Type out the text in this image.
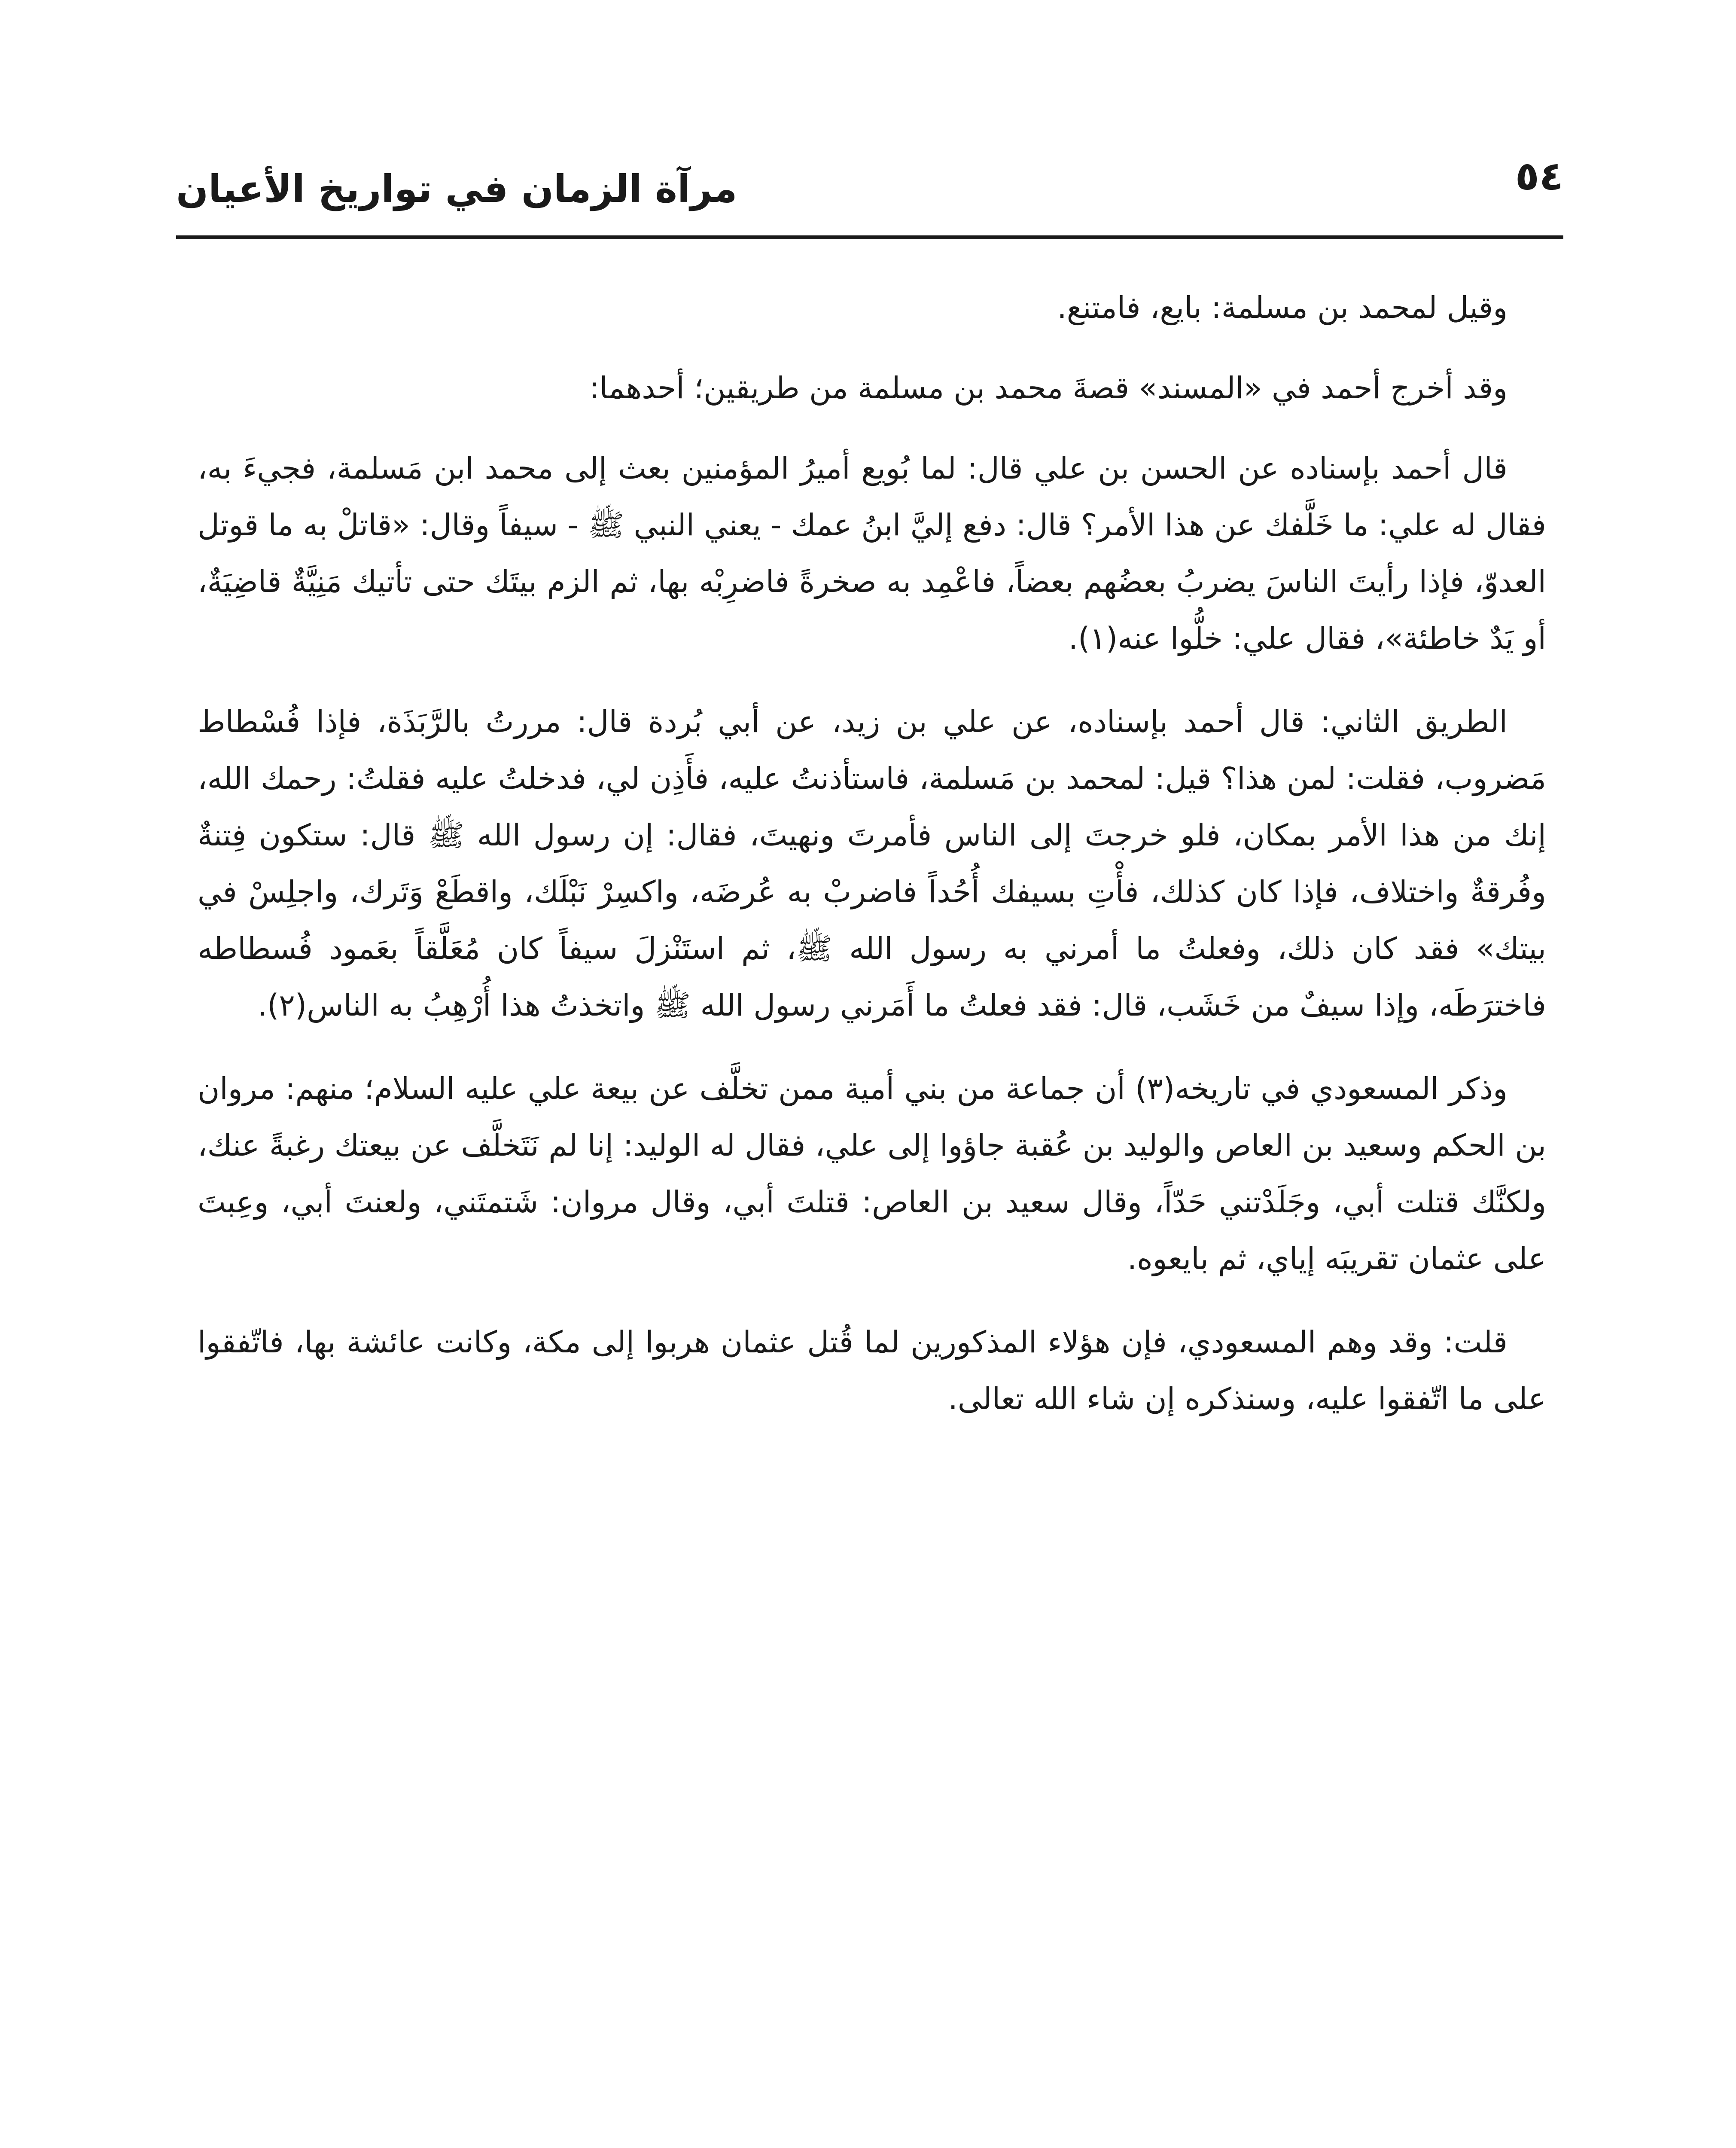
٥٤
مرآة الزمان في تواريخ الأعيان

وقيل لمحمد بن مسلمة: بايع، فامتنع.

وقد أخرج أحمد في «المسند» قصةَ محمد بن مسلمة من طريقين؛ أحدهما:

قال أحمد بإسناده عن الحسن بن علي قال: لما بُويع أميرُ المؤمنين بعث إلى محمد ابن مَسلمة، فجيءَ به، فقال له علي: ما خَلَّفك عن هذا الأمر؟ قال: دفع إليَّ ابنُ عمك - يعني النبي ﷺ - سيفاً وقال: «قاتلْ به ما قوتل العدوّ، فإذا رأيتَ الناسَ يضربُ بعضُهم بعضاً، فاعْمِد به صخرةً فاضرِبْه بها، ثم الزم بيتَك حتى تأتيك مَنِيَّةٌ قاضِيَةٌ، أو يَدٌ خاطئة»، فقال علي: خلُّوا عنه(١).

الطريق الثاني: قال أحمد بإسناده، عن علي بن زيد، عن أبي بُردة قال: مررتُ بالرَّبَذَة، فإذا فُسْطاط مَضروب، فقلت: لمن هذا؟ قيل: لمحمد بن مَسلمة، فاستأذنتُ عليه، فأَذِن لي، فدخلتُ عليه فقلتُ: رحمك الله، إنك من هذا الأمر بمكان، فلو خرجتَ إلى الناس فأمرتَ ونهيتَ، فقال: إن رسول الله ﷺ قال: ستكون فِتنةٌ وفُرقةٌ واختلاف، فإذا كان كذلك، فأْتِ بسيفك أُحُداً فاضربْ به عُرضَه، واكسِرْ نَبْلَك، واقطَعْ وَتَرك، واجلِسْ في بيتك» فقد كان ذلك، وفعلتُ ما أمرني به رسول الله ﷺ، ثم استَنْزلَ سيفاً كان مُعَلَّقاً بعَمود فُسطاطه فاخترَطَه، وإذا سيفٌ من خَشَب، قال: فقد فعلتُ ما أَمَرني رسول الله ﷺ واتخذتُ هذا أُرْهِبُ به الناس(٢).

وذكر المسعودي في تاريخه(٣) أن جماعة من بني أمية ممن تخلَّف عن بيعة علي عليه السلام؛ منهم: مروان بن الحكم وسعيد بن العاص والوليد بن عُقبة جاؤوا إلى علي، فقال له الوليد: إنا لم نَتَخلَّف عن بيعتك رغبةً عنك، ولكنَّك قتلت أبي، وجَلَدْتني حَدّاً، وقال سعيد بن العاص: قتلتَ أبي، وقال مروان: شَتمتَني، ولعنتَ أبي، وعِبتَ على عثمان تقريبَه إياي، ثم بايعوه.

قلت: وقد وهم المسعودي، فإن هؤلاء المذكورين لما قُتل عثمان هربوا إلى مكة، وكانت عائشة بها، فاتّفقوا على ما اتّفقوا عليه، وسنذكره إن شاء الله تعالى.
